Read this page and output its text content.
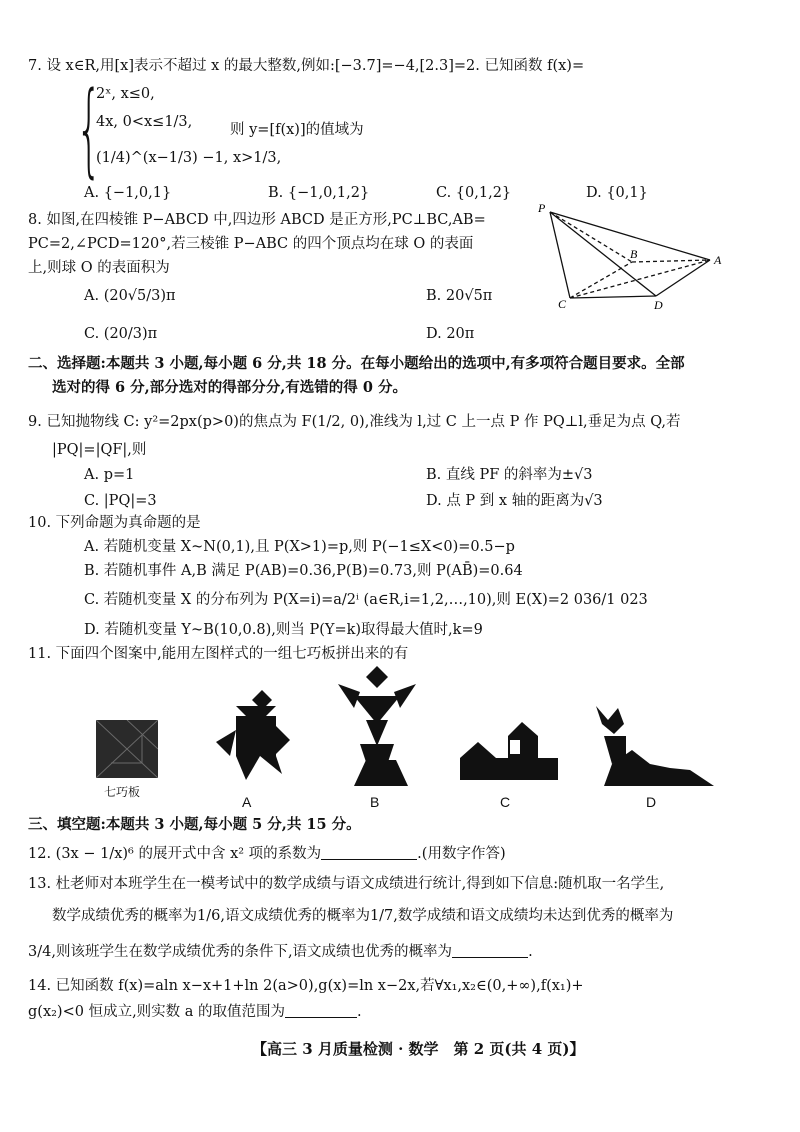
7. 设 x∈R,用[x]表示不超过 x 的最大整数,例如:[−3.7]=−4,[2.3]=2. 已知函数 f(x)=
{
2ˣ, x≤0,
4x, 0<x≤1/3,	则 y=[f(x)]的值域为
(1/4)^(x−1/3) −1, x>1/3,
A. {−1,0,1}	B. {−1,0,1,2}	C. {0,1,2}	D. {0,1}
8. 如图,在四棱锥 P−ABCD 中,四边形 ABCD 是正方形,PC⊥BC,AB=
PC=2,∠PCD=120°,若三棱锥 P−ABC 的四个顶点均在球 O 的表面
上,则球 O 的表面积为
A. (20√5/3)π	B. 20√5π
C. (20/3)π	D. 20π
P
B	A
C	D
二、选择题:本题共 3 小题,每小题 6 分,共 18 分。在每小题给出的选项中,有多项符合题目要求。全部
选对的得 6 分,部分选对的得部分分,有选错的得 0 分。
9. 已知抛物线 C: y²=2px(p>0)的焦点为 F(1/2, 0),准线为 l,过 C 上一点 P 作 PQ⊥l,垂足为点 Q,若
|PQ|=|QF|,则
A. p=1	B. 直线 PF 的斜率为±√3
C. |PQ|=3	D. 点 P 到 x 轴的距离为√3
10. 下列命题为真命题的是
A. 若随机变量 X~N(0,1),且 P(X>1)=p,则 P(−1≤X<0)=0.5−p
B. 若随机事件 A,B 满足 P(AB)=0.36,P(B)=0.73,则 P(AB̄)=0.64
C. 若随机变量 X 的分布列为 P(X=i)=a/2ⁱ (a∈R,i=1,2,…,10),则 E(X)=2 036/1 023
D. 若随机变量 Y~B(10,0.8),则当 P(Y=k)取得最大值时,k=9
11. 下面四个图案中,能用左图样式的一组七巧板拼出来的有
七巧板
A	B	C	D
三、填空题:本题共 3 小题,每小题 5 分,共 15 分。
12. (3x − 1/x)⁶ 的展开式中含 x² 项的系数为	.(用数字作答)
13. 杜老师对本班学生在一模考试中的数学成绩与语文成绩进行统计,得到如下信息:随机取一名学生,
数学成绩优秀的概率为1/6,语文成绩优秀的概率为1/7,数学成绩和语文成绩均未达到优秀的概率为
3/4,则该班学生在数学成绩优秀的条件下,语文成绩也优秀的概率为	.
14. 已知函数 f(x)=aln x−x+1+ln 2(a>0),g(x)=ln x−2x,若∀x₁,x₂∈(0,+∞),f(x₁)+
g(x₂)<0 恒成立,则实数 a 的取值范围为	.
【高三 3 月质量检测 · 数学　第 2 页(共 4 页)】
